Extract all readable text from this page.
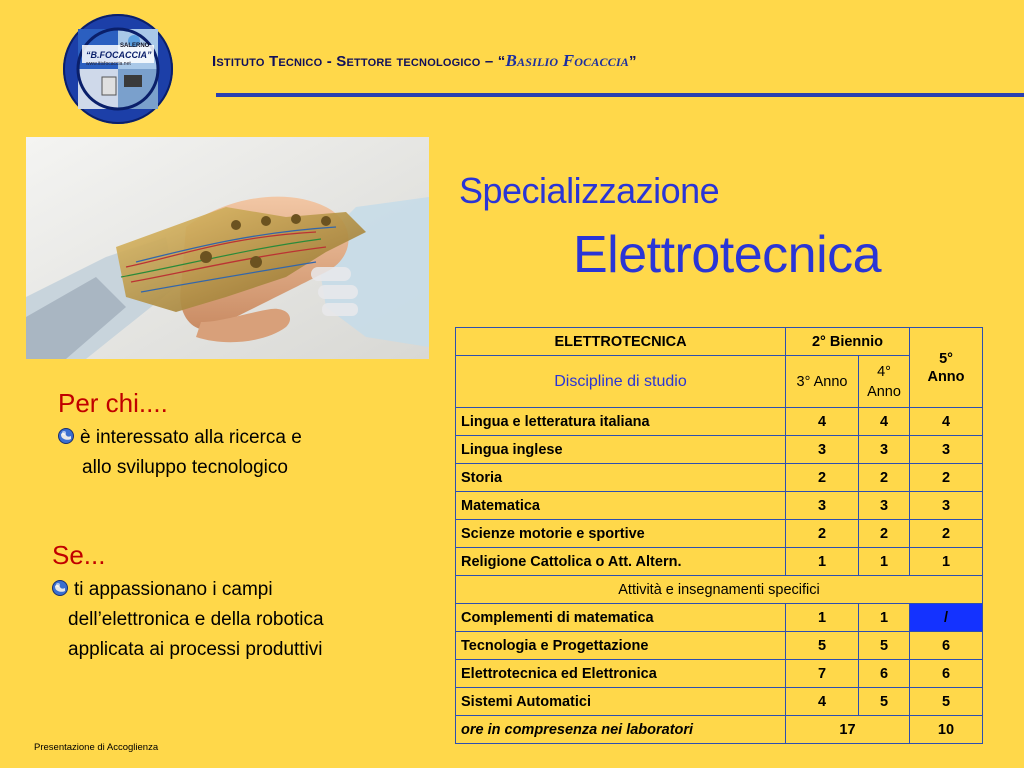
SALERNO
“B.FOCACCIA”
www.itisfocaccia.net	Istituto Tecnico - Settore tecnologico – “Basilio Focaccia”
Specializzazione
Elettrotecnica
Per chi....
è interessato alla ricerca e
allo sviluppo tecnologico
Se...
ti appassionano i campi
dell’elettronica e della robotica
applicata ai processi produttivi
ELETTROTECNICA	2° Biennio		5°
Anno

Discipline di studio	3° Anno	4°
Anno	

Lingua e letteratura italiana	4	4	4
Lingua inglese	3	3	3
Storia	2	2	2
Matematica	3	3	3
Scienze motorie e sportive	2	2	2
Religione Cattolica o Att. Altern.	1	1	1
Attività e insegnamenti specifici			
Complementi di matematica	1	1	/
Tecnologia e Progettazione	5	5	6
Elettrotecnica ed Elettronica	7	6	6
Sistemi Automatici	4	5	5
ore in compresenza nei laboratori	17		10
Presentazione di Accoglienza
